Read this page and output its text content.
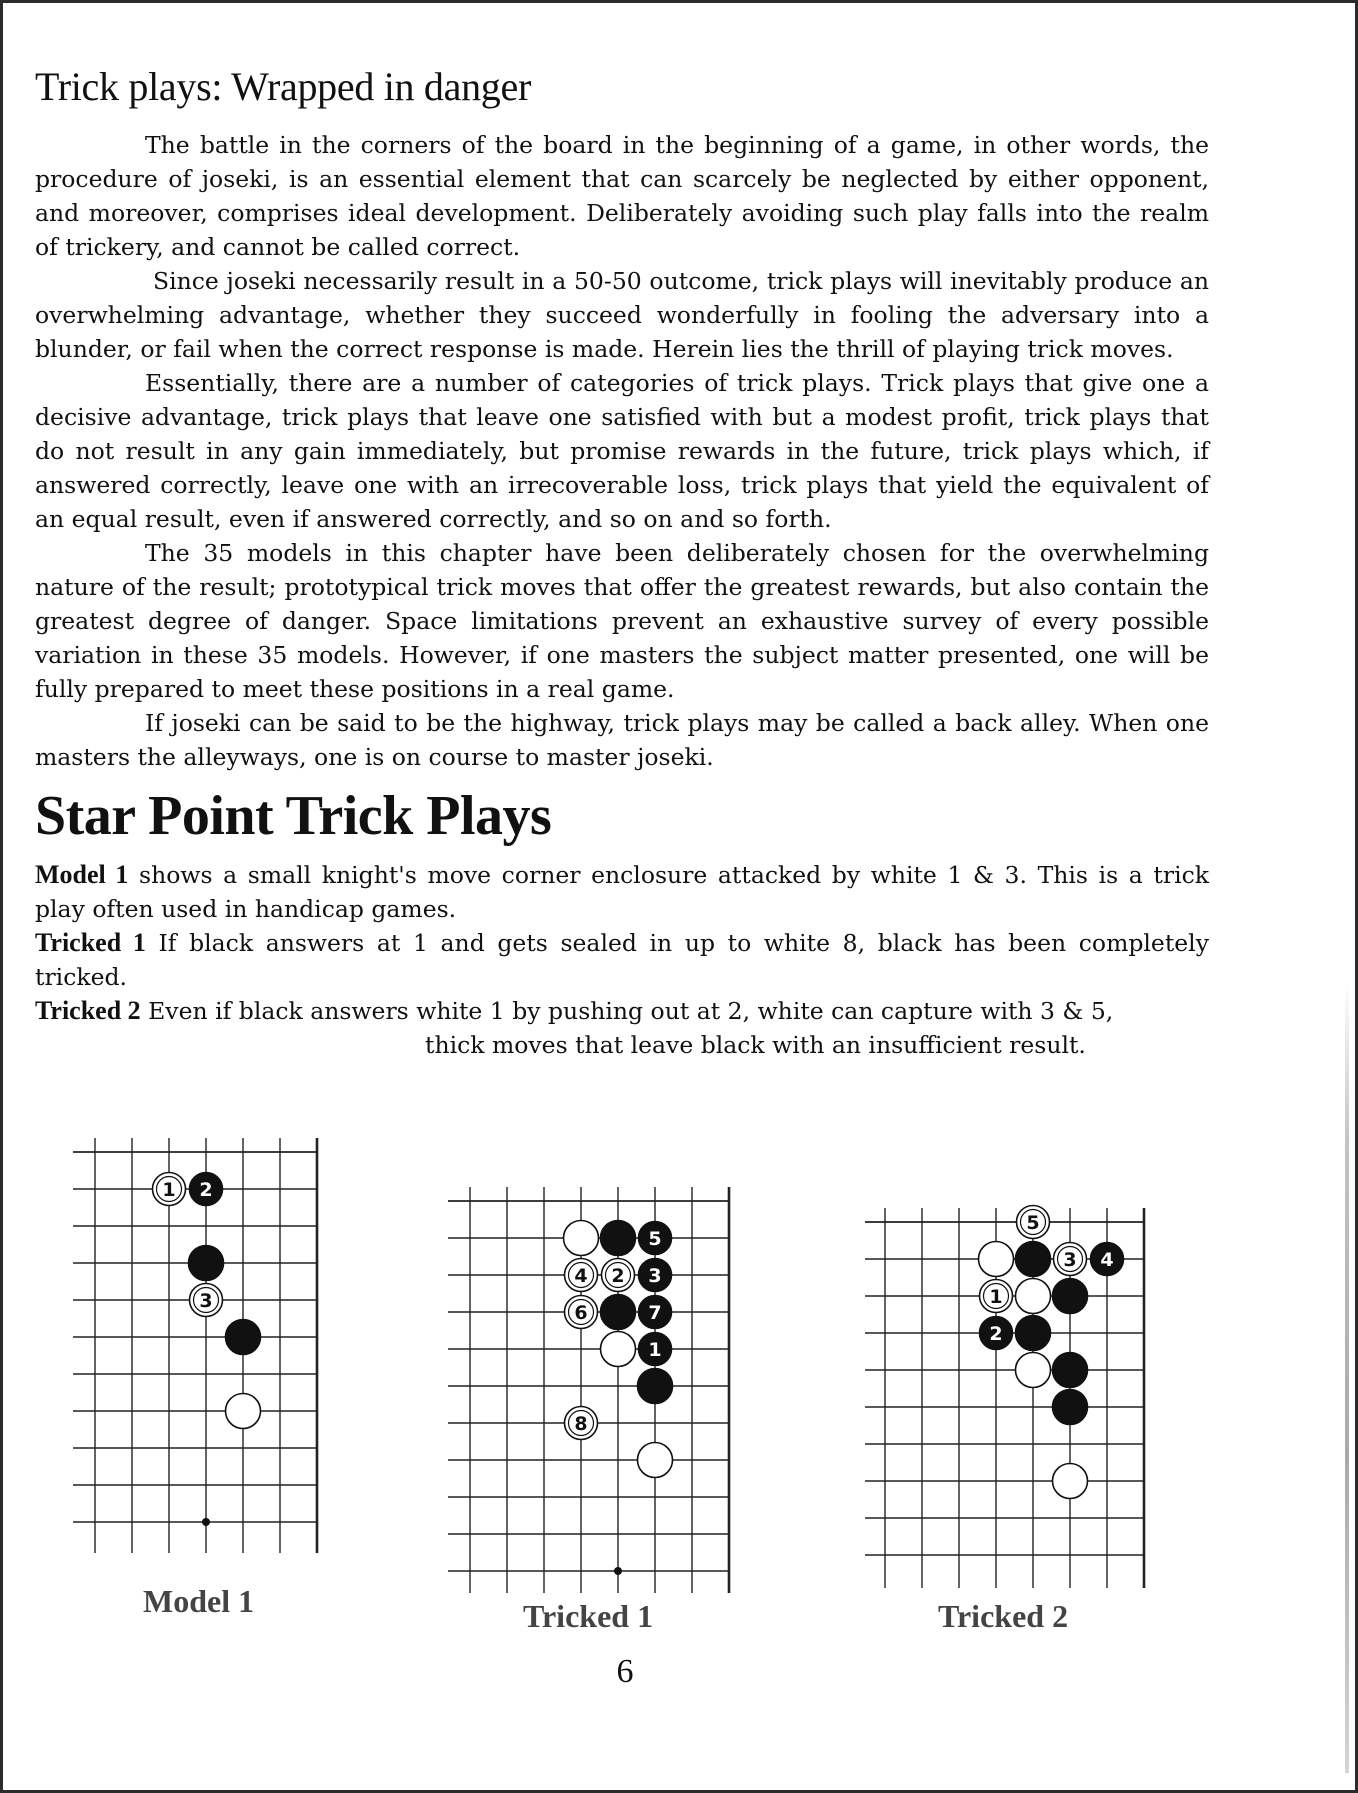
Trick plays: Wrapped in danger

The battle in the corners of the board in the beginning of a game, in other words, the procedure of joseki, is an essential element that can scarcely be neglected by either opponent, and moreover, comprises ideal development. Deliberately avoiding such play falls into the realm of trickery, and cannot be called correct.

Since joseki necessarily result in a 50-50 outcome, trick plays will inevitably produce an overwhelming advantage, whether they succeed wonderfully in fooling the adversary into a blunder, or fail when the correct response is made. Herein lies the thrill of playing trick moves.

Essentially, there are a number of categories of trick plays. Trick plays that give one a decisive advantage, trick plays that leave one satisfied with but a modest profit, trick plays that do not result in any gain immediately, but promise rewards in the future, trick plays which, if answered correctly, leave one with an irrecoverable loss, trick plays that yield the equivalent of an equal result, even if answered correctly, and so on and so forth.

The 35 models in this chapter have been deliberately chosen for the overwhelming nature of the result; prototypical trick moves that offer the greatest rewards, but also contain the greatest degree of danger. Space limitations prevent an exhaustive survey of every possible variation in these 35 models. However, if one masters the subject matter presented, one will be fully prepared to meet these positions in a real game.

If joseki can be said to be the highway, trick plays may be called a back alley. When one masters the alleyways, one is on course to master joseki.

Star Point Trick Plays

Model 1 shows a small knight's move corner enclosure attacked by white 1 & 3. This is a trick play often used in handicap games.

Tricked 1 If black answers at 1 and gets sealed in up to white 8, black has been completely tricked.

Tricked 2 Even if black answers white 1 by pushing out at 2, white can capture with 3 & 5,

thick moves that leave black with an insufficient result.

1 2
3
5
4 2 3
6	7
1
8
5
3 4
1
2
Model 1	Tricked 1	Tricked 2
6
